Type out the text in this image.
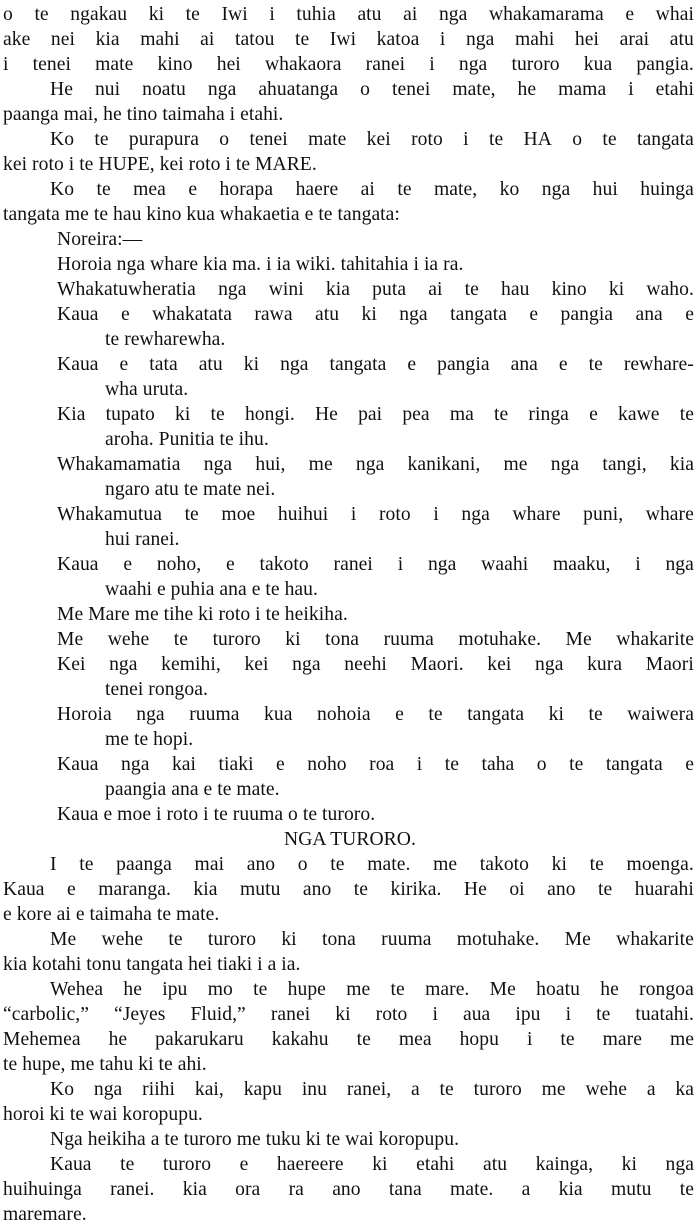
o te ngakau ki te Iwi i tuhia atu ai nga whakamarama e whai
ake nei kia mahi ai tatou te Iwi katoa i nga mahi hei arai atu
i tenei mate kino hei whakaora ranei i nga turoro kua pangia.
He nui noatu nga ahuatanga o tenei mate, he mama i etahi
paanga mai, he tino taimaha i etahi.
Ko te purapura o tenei mate kei roto i te HA o te tangata
kei roto i te HUPE, kei roto i te MARE.
Ko te mea e horapa haere ai te mate, ko nga hui huinga
tangata me te hau kino kua whakaetia e te tangata:
Noreira:—
Horoia nga whare kia ma. i ia wiki. tahitahia i ia ra.
Whakatuwheratia nga wini kia puta ai te hau kino ki waho.
Kaua e whakatata rawa atu ki nga tangata e pangia ana e
te rewharewha.
Kaua e tata atu ki nga tangata e pangia ana e te rewhare-
wha uruta.
Kia tupato ki te hongi. He pai pea ma te ringa e kawe te
aroha. Punitia te ihu.
Whakamamatia nga hui, me nga kanikani, me nga tangi, kia
ngaro atu te mate nei.
Whakamutua te moe huihui i roto i nga whare puni, whare
hui ranei.
Kaua e noho, e takoto ranei i nga waahi maaku, i nga
waahi e puhia ana e te hau.
Me Mare me tihe ki roto i te heikiha.
Me wehe te turoro ki tona ruuma motuhake. Me whakarite
Kei nga kemihi, kei nga neehi Maori. kei nga kura Maori
tenei rongoa.
Horoia nga ruuma kua nohoia e te tangata ki te waiwera
me te hopi.
Kaua nga kai tiaki e noho roa i te taha o te tangata e
paangia ana e te mate.
Kaua e moe i roto i te ruuma o te turoro.
NGA TURORO.
I te paanga mai ano o te mate. me takoto ki te moenga.
Kaua e maranga. kia mutu ano te kirika. He oi ano te huarahi
e kore ai e taimaha te mate.
Me wehe te turoro ki tona ruuma motuhake. Me whakarite
kia kotahi tonu tangata hei tiaki i a ia.
Wehea he ipu mo te hupe me te mare. Me hoatu he rongoa
“carbolic,” “Jeyes Fluid,” ranei ki roto i aua ipu i te tuatahi.
Mehemea he pakarukaru kakahu te mea hopu i te mare me
te hupe, me tahu ki te ahi.
Ko nga riihi kai, kapu inu ranei, a te turoro me wehe a ka
horoi ki te wai koropupu.
Nga heikiha a te turoro me tuku ki te wai koropupu.
Kaua te turoro e haereere ki etahi atu kainga, ki nga
huihuinga ranei. kia ora ra ano tana mate. a kia mutu te
maremare.
